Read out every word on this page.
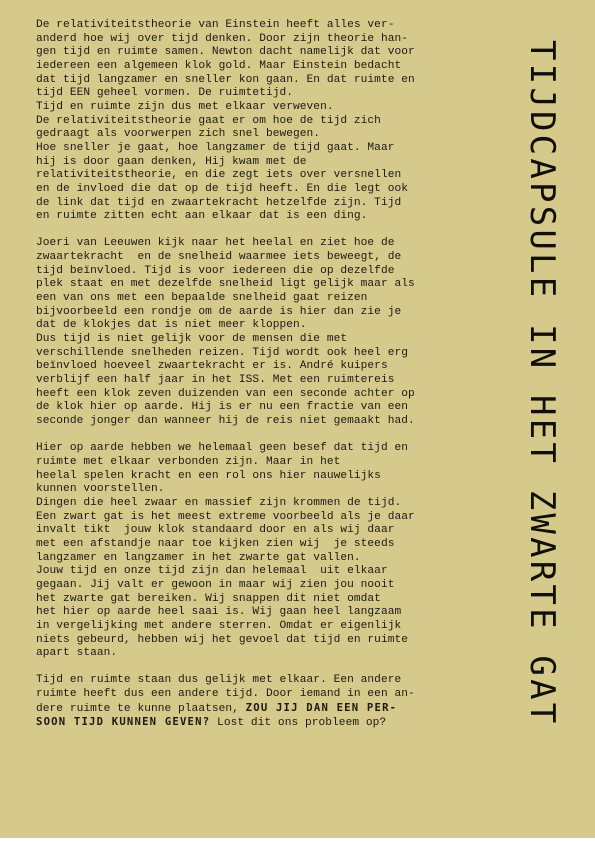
De relativiteitstheorie van Einstein heeft alles ver-
anderd hoe wij over tijd denken. Door zijn theorie han-
gen tijd en ruimte samen. Newton dacht namelijk dat voor
iedereen een algemeen klok gold. Maar Einstein bedacht
dat tijd langzamer en sneller kon gaan. En dat ruimte en
tijd EEN geheel vormen. De ruimtetijd.
Tijd en ruimte zijn dus met elkaar verweven.
De relativiteitstheorie gaat er om hoe de tijd zich
gedraagt als voorwerpen zich snel bewegen.
Hoe sneller je gaat, hoe langzamer de tijd gaat. Maar
hij is door gaan denken, Hij kwam met de
relativiteitstheorie, en die zegt iets over versnellen
en de invloed die dat op de tijd heeft. En die legt ook
de link dat tijd en zwaartekracht hetzelfde zijn. Tijd
en ruimte zitten echt aan elkaar dat is een ding.
Joeri van Leeuwen kijk naar het heelal en ziet hoe de
zwaartekracht  en de snelheid waarmee iets beweegt, de
tijd beïnvloed. Tijd is voor iedereen die op dezelfde
plek staat en met dezelfde snelheid ligt gelijk maar als
een van ons met een bepaalde snelheid gaat reizen
bijvoorbeeld een rondje om de aarde is hier dan zie je
dat de klokjes dat is niet meer kloppen.
Dus tijd is niet gelijk voor de mensen die met
verschillende snelheden reizen. Tijd wordt ook heel erg
beïnvloed hoeveel zwaartekracht er is. André kuipers
verblijf een half jaar in het ISS. Met een ruimtereis
heeft een klok zeven duizenden van een seconde achter op
de klok hier op aarde. Hij is er nu een fractie van een
seconde jonger dan wanneer hij de reis niet gemaakt had.
Hier op aarde hebben we helemaal geen besef dat tijd en
ruimte met elkaar verbonden zijn. Maar in het
heelal spelen kracht en een rol ons hier nauwelijks
kunnen voorstellen.
Dingen die heel zwaar en massief zijn krommen de tijd.
Een zwart gat is het meest extreme voorbeeld als je daar
invalt tikt  jouw klok standaard door en als wij daar
met een afstandje naar toe kijken zien wij  je steeds
langzamer en langzamer in het zwarte gat vallen.
Jouw tijd en onze tijd zijn dan helemaal  uit elkaar
gegaan. Jij valt er gewoon in maar wij zien jou nooit
het zwarte gat bereiken. Wij snappen dit niet omdat
het hier op aarde heel saai is. Wij gaan heel langzaam
in vergelijking met andere sterren. Omdat er eigenlijk
niets gebeurd, hebben wij het gevoel dat tijd en ruimte
apart staan.
Tijd en ruimte staan dus gelijk met elkaar. Een andere
ruimte heeft dus een andere tijd. Door iemand in een an-
dere ruimte te kunne plaatsen, ZOU JIJ DAN EEN PER-
SOON TIJD KUNNEN GEVEN? Lost dit ons probleem op?	TIJDCAPSULE IN HET ZWARTE GAT
